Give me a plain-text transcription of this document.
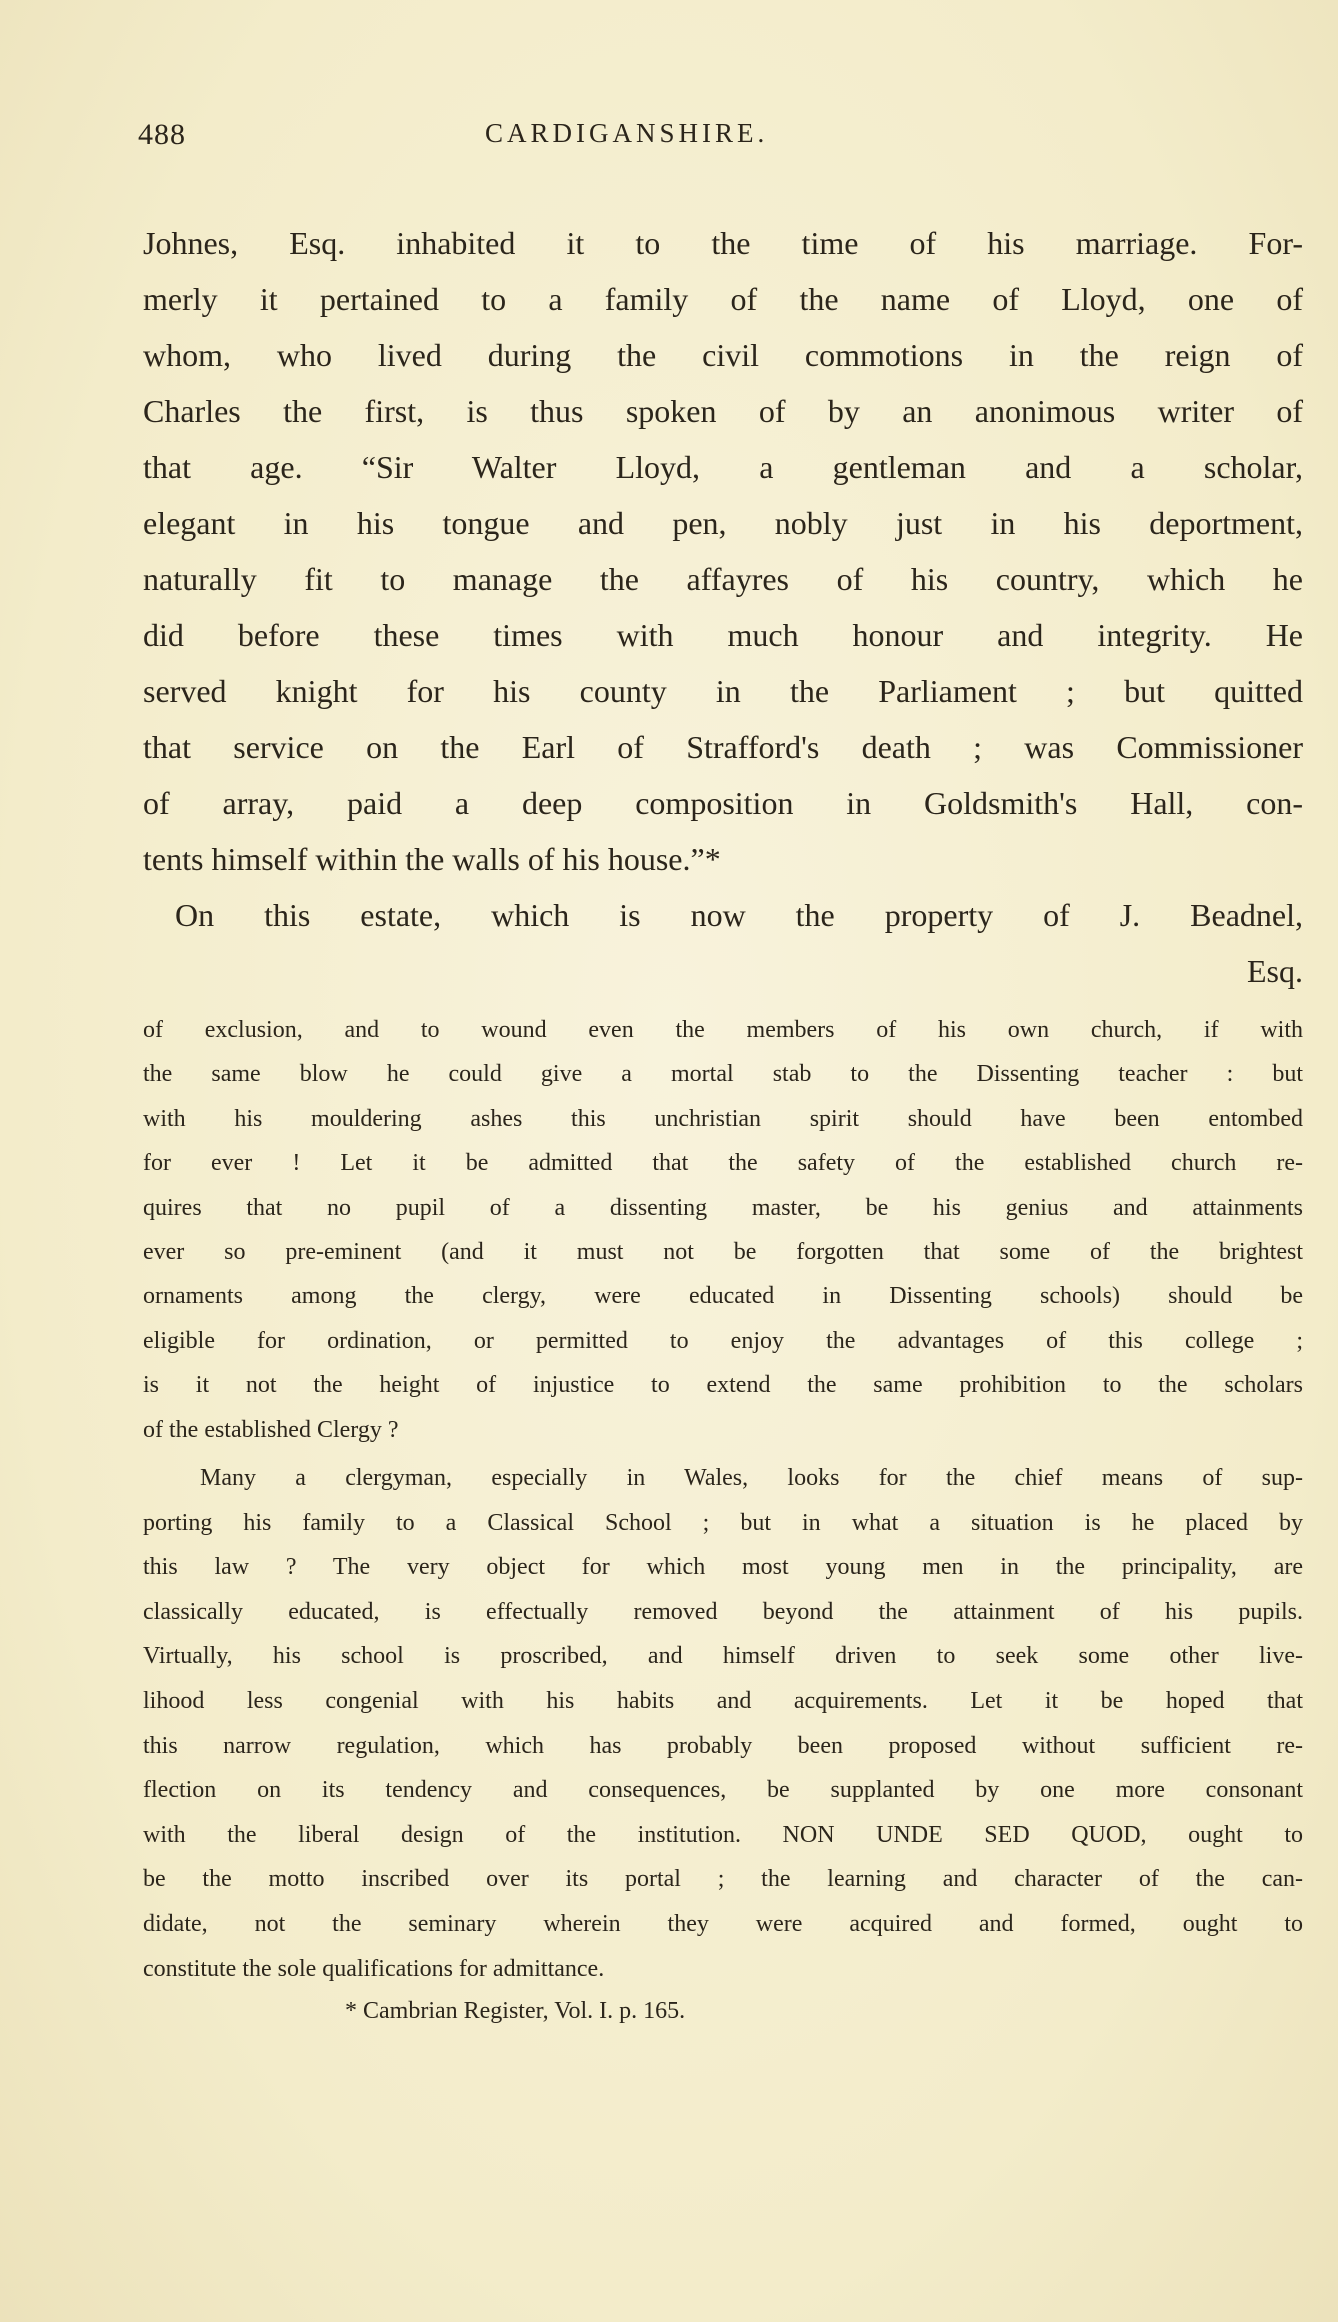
488	CARDIGANSHIRE.
Johnes, Esq. inhabited it to the time of his marriage. For-
merly it pertained to a family of the name of Lloyd, one of
whom, who lived during the civil commotions in the reign of
Charles the first, is thus spoken of by an anonimous writer of
that age. “Sir Walter Lloyd, a gentleman and a scholar,
elegant in his tongue and pen, nobly just in his deportment,
naturally fit to manage the affayres of his country, which he
did before these times with much honour and integrity. He
served knight for his county in the Parliament ; but quitted
that service on the Earl of Strafford's death ; was Commissioner
of array, paid a deep composition in Goldsmith's Hall, con-
tents himself within the walls of his house.”*
On this estate, which is now the property of J. Beadnel,
Esq.
of exclusion, and to wound even the members of his own church, if with
the same blow he could give a mortal stab to the Dissenting teacher : but
with his mouldering ashes this unchristian spirit should have been entombed
for ever ! Let it be admitted that the safety of the established church re-
quires that no pupil of a dissenting master, be his genius and attainments
ever so pre-eminent (and it must not be forgotten that some of the brightest
ornaments among the clergy, were educated in Dissenting schools) should be
eligible for ordination, or permitted to enjoy the advantages of this college ;
is it not the height of injustice to extend the same prohibition to the scholars
of the established Clergy ?
Many a clergyman, especially in Wales, looks for the chief means of sup-
porting his family to a Classical School ; but in what a situation is he placed by
this law ? The very object for which most young men in the principality, are
classically educated, is effectually removed beyond the attainment of his pupils.
Virtually, his school is proscribed, and himself driven to seek some other live-
lihood less congenial with his habits and acquirements. Let it be hoped that
this narrow regulation, which has probably been proposed without sufficient re-
flection on its tendency and consequences, be supplanted by one more consonant
with the liberal design of the institution. NON UNDE SED QUOD, ought to
be the motto inscribed over its portal ; the learning and character of the can-
didate, not the seminary wherein they were acquired and formed, ought to
constitute the sole qualifications for admittance.
* Cambrian Register, Vol. I. p. 165.
